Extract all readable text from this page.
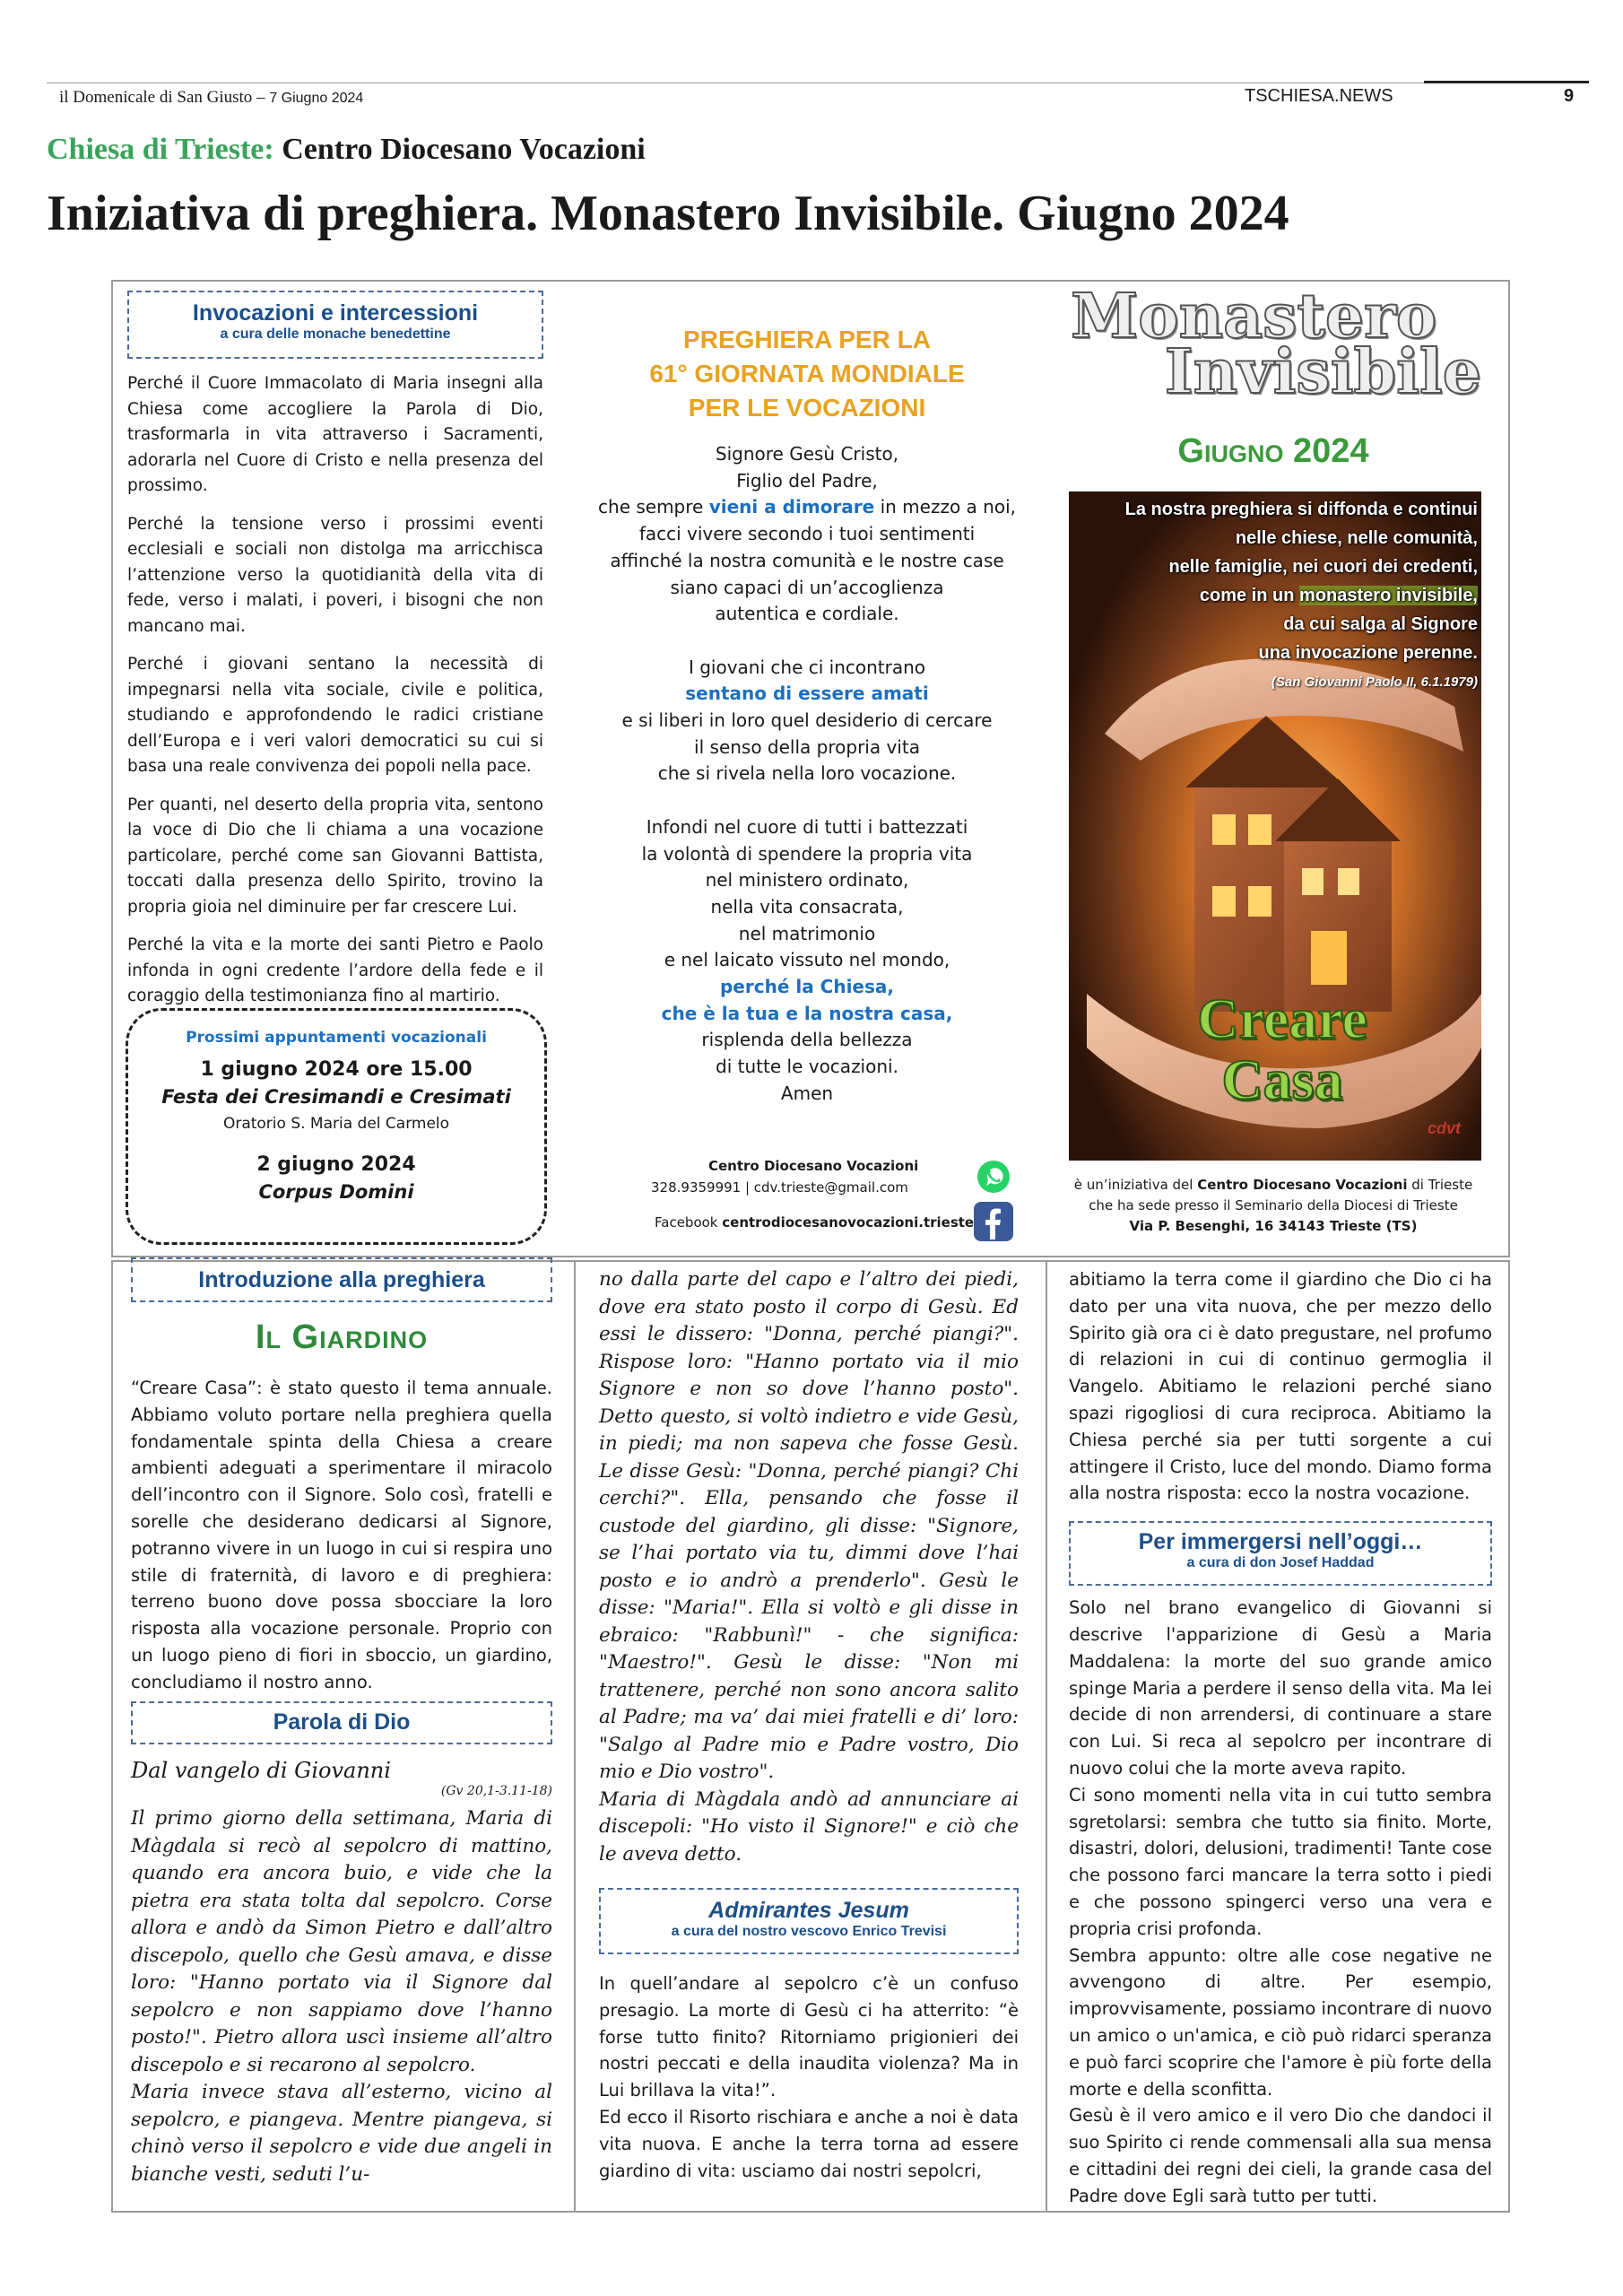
il Domenicale di San Giusto – 7 Giugno 2024	TSCHIESA.NEWS	9
Chiesa di Trieste: Centro Diocesano Vocazioni
Iniziativa di preghiera. Monastero Invisibile. Giugno 2024
Invocazioni e intercessioni
a cura delle monache benedettine

Perché il Cuore Immacolato di Maria insegni alla Chiesa come accogliere la Parola di Dio, trasformarla in vita attraverso i Sacramenti, adorarla nel Cuore di Cristo e nella presenza del prossimo.

Perché la tensione verso i prossimi eventi ecclesiali e sociali non distolga ma arricchisca l’attenzione verso la quotidianità della vita di fede, verso i malati, i poveri, i bisogni che non mancano mai.

Perché i giovani sentano la necessità di impegnarsi nella vita sociale, civile e politica, studiando e approfondendo le radici cristiane dell’Europa e i veri valori democratici su cui si basa una reale convivenza dei popoli nella pace.

Per quanti, nel deserto della propria vita, sentono la voce di Dio che li chiama a una vocazione particolare, perché come san Giovanni Battista, toccati dalla presenza dello Spirito, trovino la propria gioia nel diminuire per far crescere Lui.

Perché la vita e la morte dei santi Pietro e Paolo infonda in ogni credente l’ardore della fede e il coraggio della testimonianza fino al martirio.

Prossimi appuntamenti vocazionali
1 giugno 2024 ore 15.00
Festa dei Cresimandi e Cresimati
Oratorio S. Maria del Carmelo
2 giugno 2024
Corpus Domini
PREGHIERA PER LA
61° GIORNATA MONDIALE
PER LE VOCAZIONI
Signore Gesù Cristo,
Figlio del Padre,
che sempre vieni a dimorare in mezzo a noi,
facci vivere secondo i tuoi sentimenti
affinché la nostra comunità e le nostre case
siano capaci di un’accoglienza
autentica e cordiale.
I giovani che ci incontrano
sentano di essere amati
e si liberi in loro quel desiderio di cercare
il senso della propria vita
che si rivela nella loro vocazione.
Infondi nel cuore di tutti i battezzati
la volontà di spendere la propria vita
nel ministero ordinato,
nella vita consacrata,
nel matrimonio
e nel laicato vissuto nel mondo,
perché la Chiesa,
che è la tua e la nostra casa,
risplenda della bellezza
di tutte le vocazioni.
Amen
Centro Diocesano Vocazioni
328.9359991 | cdv.trieste@gmail.com
Facebook centrodiocesanovocazioni.trieste
Monastero
Invisibile
Giugno 2024
cdvt
La nostra preghiera si diffonda e continui
nelle chiese, nelle comunità,
nelle famiglie, nei cuori dei credenti,
come in un monastero invisibile,
da cui salga al Signore
una invocazione perenne.
(San Giovanni Paolo II, 6.1.1979)
Creare
Casa
è un’iniziativa del Centro Diocesano Vocazioni di Trieste
che ha sede presso il Seminario della Diocesi di Trieste
Via P. Besenghi, 16 34143 Trieste (TS)
Introduzione alla preghiera
Il Giardino

“Creare Casa”: è stato questo il tema annuale. Abbiamo voluto portare nella preghiera quella fondamentale spinta della Chiesa a creare ambienti adeguati a sperimentare il miracolo dell’incontro con il Signore. Solo così, fratelli e sorelle che desiderano dedicarsi al Signore, potranno vivere in un luogo in cui si respira uno stile di fraternità, di lavoro e di preghiera: terreno buono dove possa sbocciare la loro risposta alla vocazione personale. Proprio con un luogo pieno di fiori in sboccio, un giardino, concludiamo il nostro anno.

Parola di Dio
Dal vangelo di Giovanni
(Gv 20,1-3.11-18)

Il primo giorno della settimana, Maria di Màgdala si recò al sepolcro di mattino, quando era ancora buio, e vide che la pietra era stata tolta dal sepolcro. Corse allora e andò da Simon Pietro e dall’altro discepolo, quello che Gesù amava, e disse loro: "Hanno portato via il Signore dal sepolcro e non sappiamo dove l’hanno posto!". Pietro allora uscì insieme all’altro discepolo e si recarono al sepolcro.

Maria invece stava all’esterno, vicino al sepolcro, e piangeva. Mentre piangeva, si chinò verso il sepolcro e vide due angeli in bianche vesti, seduti l’u-

no dalla parte del capo e l’altro dei piedi, dove era stato posto il corpo di Gesù. Ed essi le dissero: "Donna, perché piangi?". Rispose loro: "Hanno portato via il mio Signore e non so dove l’hanno posto". Detto questo, si voltò indietro e vide Gesù, in piedi; ma non sapeva che fosse Gesù. Le disse Gesù: "Donna, perché piangi? Chi cerchi?". Ella, pensando che fosse il custode del giardino, gli disse: "Signore, se l’hai portato via tu, dimmi dove l’hai posto e io andrò a prenderlo". Gesù le disse: "Maria!". Ella si voltò e gli disse in ebraico: "Rabbunì!" - che significa: "Maestro!". Gesù le disse: "Non mi trattenere, perché non sono ancora salito al Padre; ma va’ dai miei fratelli e di’ loro: "Salgo al Padre mio e Padre vostro, Dio mio e Dio vostro".

Maria di Màgdala andò ad annunciare ai discepoli: "Ho visto il Signore!" e ciò che le aveva detto.

Admirantes Jesum
a cura del nostro vescovo Enrico Trevisi

In quell’andare al sepolcro c’è un confuso presagio. La morte di Gesù ci ha atterrito: “è forse tutto finito? Ritorniamo prigionieri dei nostri peccati e della inaudita violenza? Ma in Lui brillava la vita!”.

Ed ecco il Risorto rischiara e anche a noi è data vita nuova. E anche la terra torna ad essere giardino di vita: usciamo dai nostri sepolcri,

abitiamo la terra come il giardino che Dio ci ha dato per una vita nuova, che per mezzo dello Spirito già ora ci è dato pregustare, nel profumo di relazioni in cui di continuo germoglia il Vangelo. Abitiamo le relazioni perché siano spazi rigogliosi di cura reciproca. Abitiamo la Chiesa perché sia per tutti sorgente a cui attingere il Cristo, luce del mondo. Diamo forma alla nostra risposta: ecco la nostra vocazione.

Per immergersi nell’oggi…
a cura di don Josef Haddad

Solo nel brano evangelico di Giovanni si descrive l'apparizione di Gesù a Maria Maddalena: la morte del suo grande amico spinge Maria a perdere il senso della vita. Ma lei decide di non arrendersi, di continuare a stare con Lui. Si reca al sepolcro per incontrare di nuovo colui che la morte aveva rapito.

Ci sono momenti nella vita in cui tutto sembra sgretolarsi: sembra che tutto sia finito. Morte, disastri, dolori, delusioni, tradimenti! Tante cose che possono farci mancare la terra sotto i piedi e che possono spingerci verso una vera e propria crisi profonda.

Sembra appunto: oltre alle cose negative ne avvengono di altre. Per esempio, improvvisamente, possiamo incontrare di nuovo un amico o un'amica, e ciò può ridarci speranza e può farci scoprire che l'amore è più forte della morte e della sconfitta.

Gesù è il vero amico e il vero Dio che dandoci il suo Spirito ci rende commensali alla sua mensa e cittadini dei regni dei cieli, la grande casa del Padre dove Egli sarà tutto per tutti.
